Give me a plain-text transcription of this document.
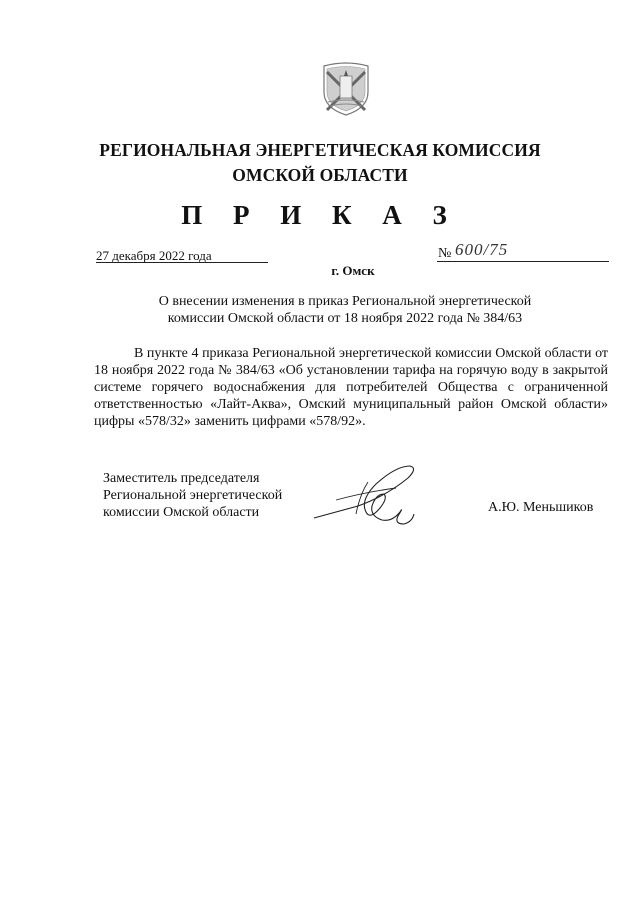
РЕГИОНАЛЬНАЯ ЭНЕРГЕТИЧЕСКАЯ КОМИССИЯ
ОМСКОЙ ОБЛАСТИ
П Р И К А З
27 декабря 2022 года	№ 600/75
г. Омск
О внесении изменения в приказ Региональной энергетической
комиссии Омской области от 18 ноября 2022 года № 384/63

В пункте 4 приказа Региональной энергетической комиссии Омской области от 18 ноября 2022 года № 384/63 «Об установлении тарифа на горячую воду в закрытой системе горячего водоснабжения для потребителей Общества с ограниченной ответственностью «Лайт-Аква», Омский муниципальный район Омской области» цифры «578/32» заменить цифрами «578/92».

Заместитель председателя
Региональной энергетической
комиссии Омской области	А.Ю. Меньшиков
